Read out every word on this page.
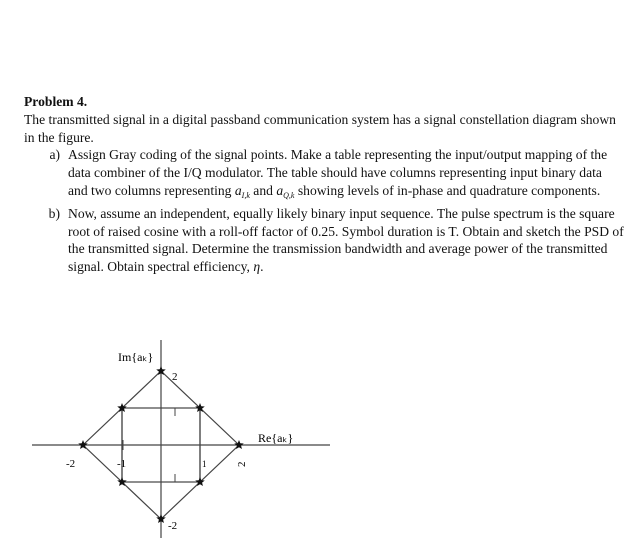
Problem 4.

The transmitted signal in a digital passband communication system has a signal constellation diagram shown in the figure.

a) Assign Gray coding of the signal points. Make a table representing the input/output mapping of the data combiner of the I/Q modulator. The table should have columns representing input binary data and two columns representing $a_{I,k}$ and $a_{Q,k}$ showing levels of in-phase and quadrature components.
b) Now, assume an independent, equally likely binary input sequence. The pulse spectrum is the square root of raised cosine with a roll-off factor of 0.25. Symbol duration is T. Obtain and sketch the PSD of the transmitted signal. Determine the transmission bandwidth and average power of the transmitted signal. Obtain spectral efficiency, η.
Im{aₖ}
Re{aₖ}
2
-2
-2	-1	1	2
